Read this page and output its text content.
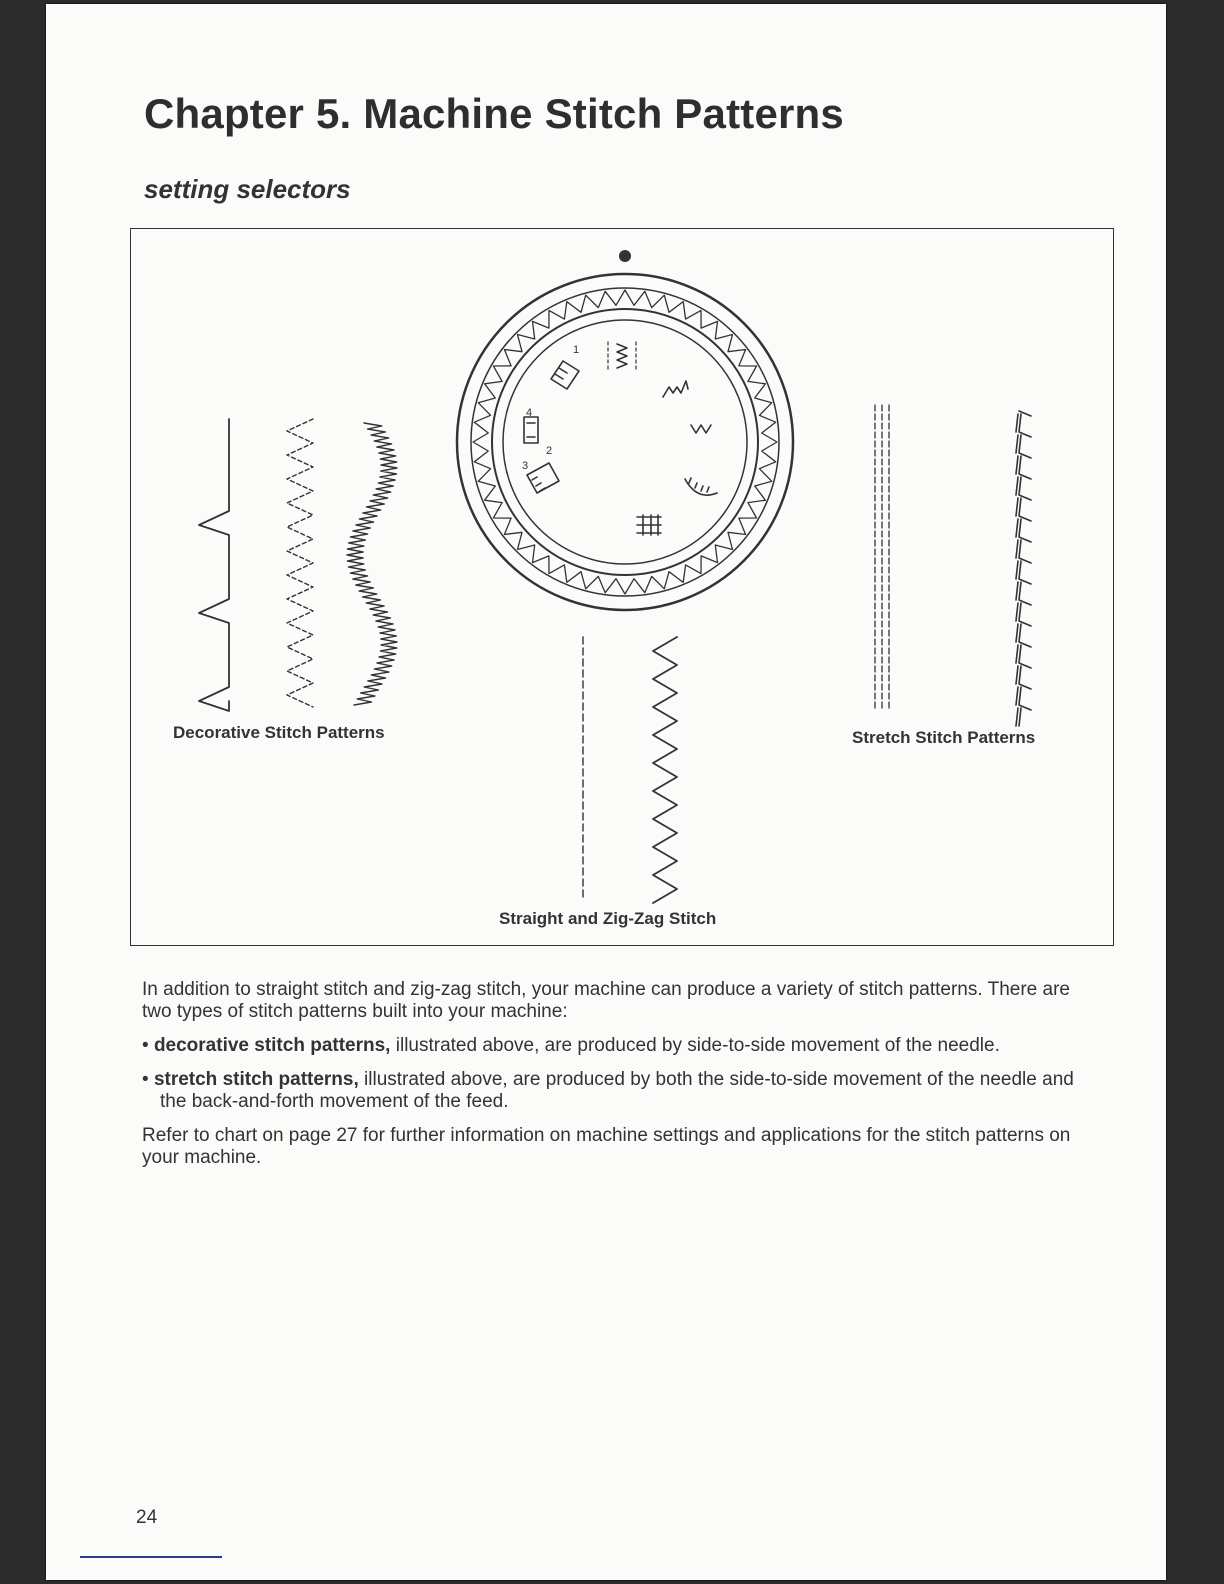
Chapter 5. Machine Stitch Patterns
setting selectors
1
2
3
4
Decorative Stitch Patterns	Stretch Stitch Patterns
Straight and Zig-Zag Stitch

In addition to straight stitch and zig-zag stitch, your machine can produce a variety of stitch patterns. There are two types of stitch patterns built into your machine:

• decorative stitch patterns, illustrated above, are produced by side-to-side movement of the needle.

• stretch stitch patterns, illustrated above, are produced by both the side-to-side movement of the needle and the back-and-forth movement of the feed.

Refer to chart on page 27 for further information on machine settings and applications for the stitch patterns on your machine.

24
